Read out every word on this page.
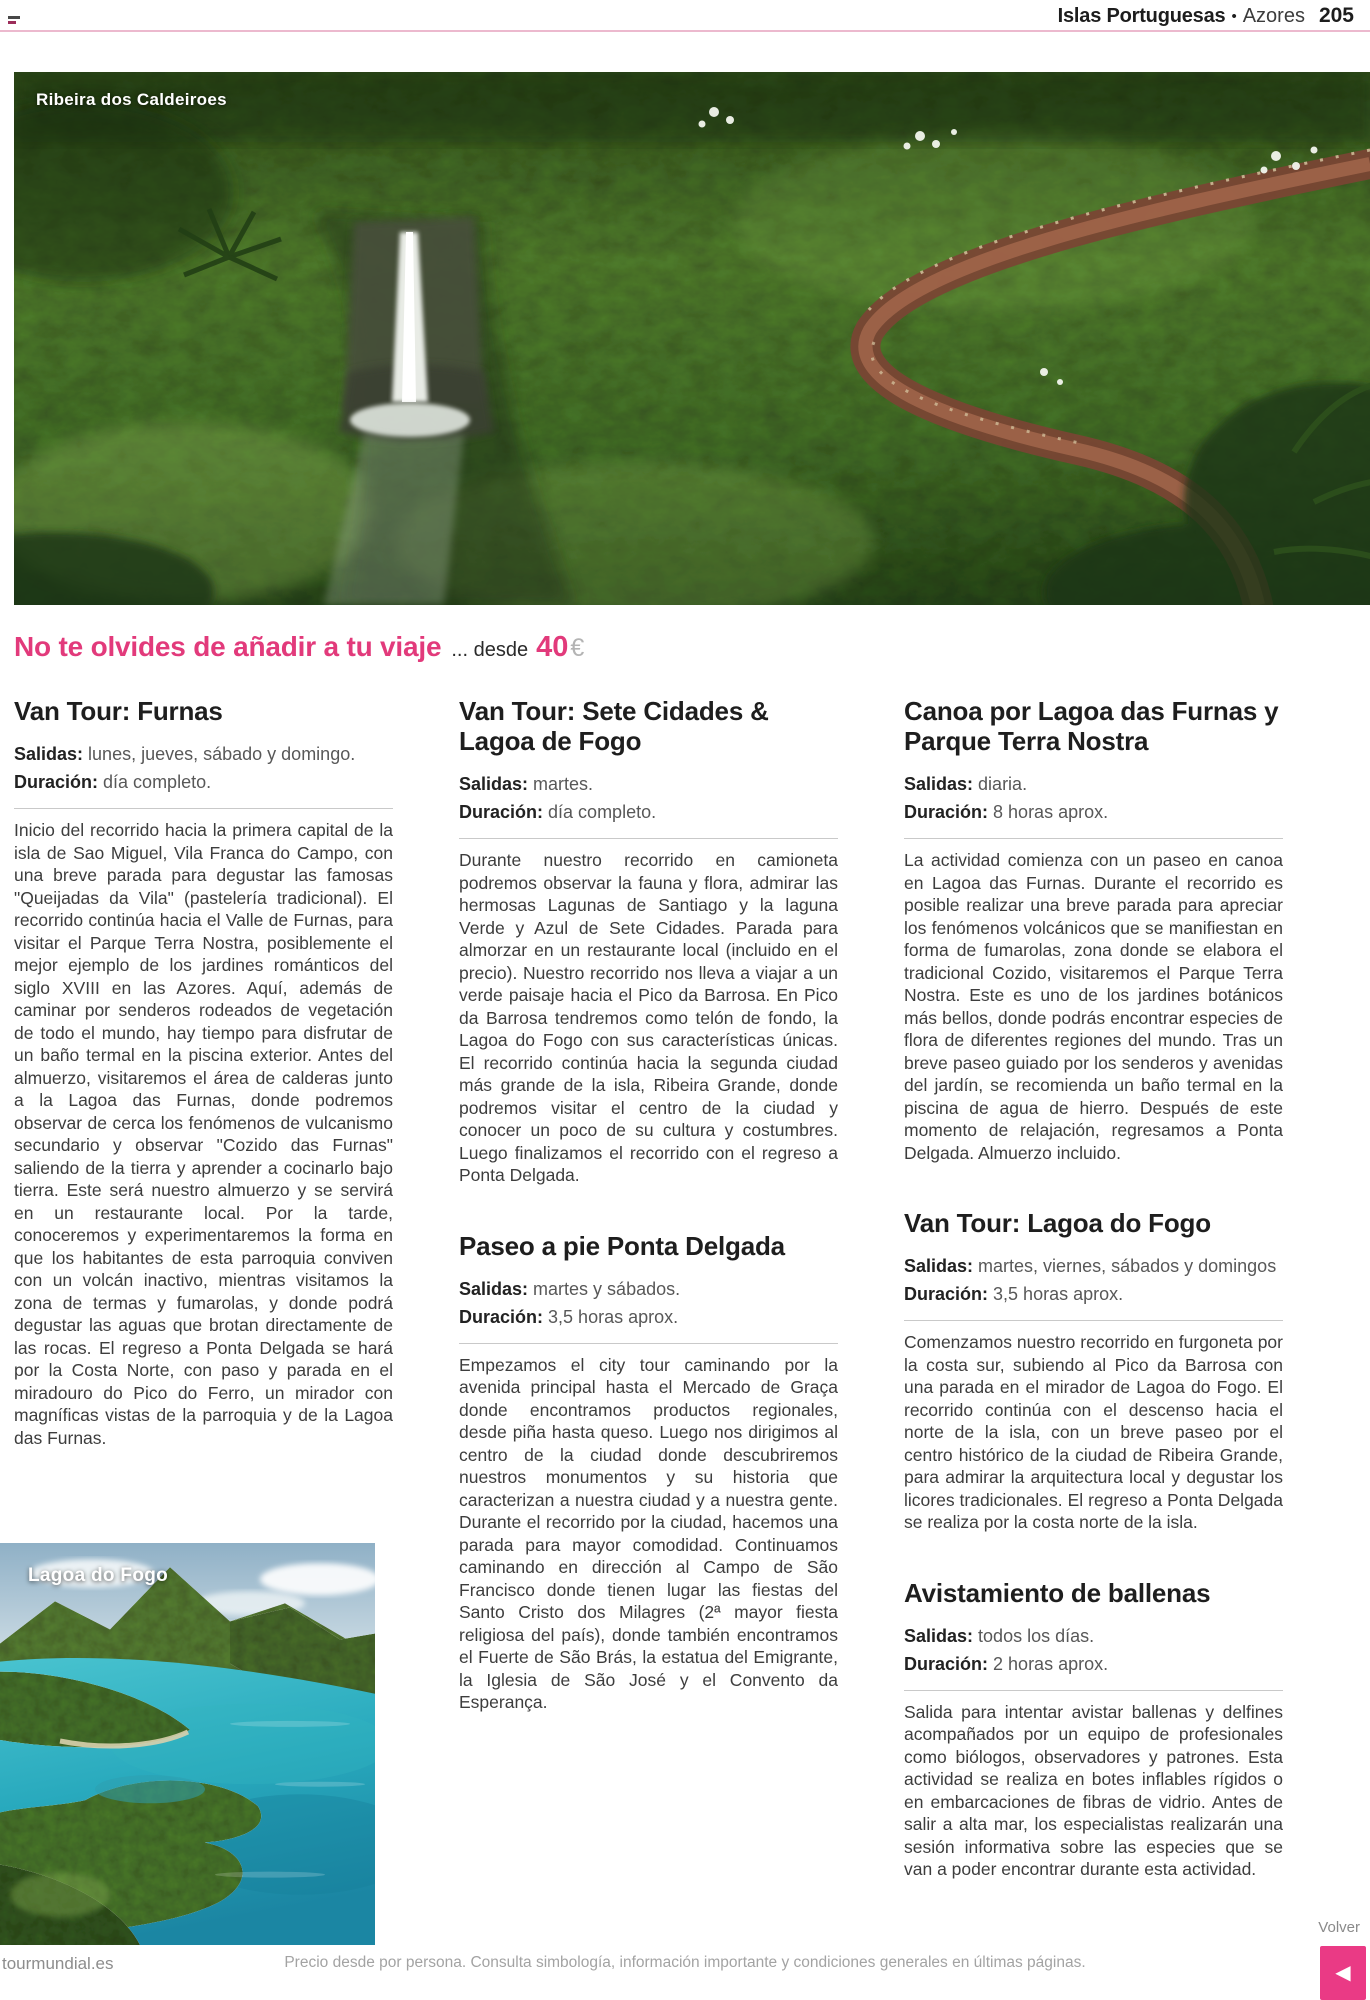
Islas Portuguesas • Azores 205
Ribeira dos Caldeiroes
No te olvides de añadir a tu viaje ... desde 40 €
Van Tour: Furnas

Salidas: lunes, jueves, sábado y domingo.

Duración: día completo.

Inicio del recorrido hacia la primera capital de la isla de Sao Miguel, Vila Franca do Campo, con una breve parada para degustar las famosas "Queijadas da Vila" (pastelería tradicional). El recorrido continúa hacia el Valle de Furnas, para visitar el Parque Terra Nostra, posiblemente el mejor ejemplo de los jardines románticos del siglo XVIII en las Azores. Aquí, además de caminar por senderos rodeados de vegetación de todo el mundo, hay tiempo para disfrutar de un baño termal en la piscina exterior. Antes del almuerzo, visitaremos el área de calderas junto a la Lagoa das Furnas, donde podremos observar de cerca los fenómenos de vulcanismo secundario y observar "Cozido das Furnas" saliendo de la tierra y aprender a cocinarlo bajo tierra. Este será nuestro almuerzo y se servirá en un restaurante local. Por la tarde, conoceremos y experimentaremos la forma en que los habitantes de esta parroquia conviven con un volcán inactivo, mientras visitamos la zona de termas y fumarolas, y donde podrá degustar las aguas que brotan directamente de las rocas. El regreso a Ponta Delgada se hará por la Costa Norte, con paso y parada en el miradouro do Pico do Ferro, un mirador con magníficas vistas de la parroquia y de la Lagoa das Furnas.

Van Tour: Sete Cidades & Lagoa de Fogo

Salidas: martes.

Duración: día completo.

Durante nuestro recorrido en camioneta podremos observar la fauna y flora, admirar las hermosas Lagunas de Santiago y la laguna Verde y Azul de Sete Cidades. Parada para almorzar en un restaurante local (incluido en el precio). Nuestro recorrido nos lleva a viajar a un verde paisaje hacia el Pico da Barrosa. En Pico da Barrosa tendremos como telón de fondo, la Lagoa do Fogo con sus características únicas. El recorrido continúa hacia la segunda ciudad más grande de la isla, Ribeira Grande, donde podremos visitar el centro de la ciudad y conocer un poco de su cultura y costumbres. Luego finalizamos el recorrido con el regreso a Ponta Delgada.

Paseo a pie Ponta Delgada

Salidas: martes y sábados.

Duración: 3,5 horas aprox.

Empezamos el city tour caminando por la avenida principal hasta el Mercado de Graça donde encontramos productos regionales, desde piña hasta queso. Luego nos dirigimos al centro de la ciudad donde descubriremos nuestros monumentos y su historia que caracterizan a nuestra ciudad y a nuestra gente. Durante el recorrido por la ciudad, hacemos una parada para mayor comodidad. Continuamos caminando en dirección al Campo de São Francisco donde tienen lugar las fiestas del Santo Cristo dos Milagres (2ª mayor fiesta religiosa del país), donde también encontramos el Fuerte de São Brás, la estatua del Emigrante, la Iglesia de São José y el Convento da Esperança.

Canoa por Lagoa das Furnas y Parque Terra Nostra

Salidas: diaria.

Duración: 8 horas aprox.

La actividad comienza con un paseo en canoa en Lagoa das Furnas. Durante el recorrido es posible realizar una breve parada para apreciar los fenómenos volcánicos que se manifiestan en forma de fumarolas, zona donde se elabora el tradicional Cozido, visitaremos el Parque Terra Nostra. Este es uno de los jardines botánicos más bellos, donde podrás encontrar especies de flora de diferentes regiones del mundo. Tras un breve paseo guiado por los senderos y avenidas del jardín, se recomienda un baño termal en la piscina de agua de hierro. Después de este momento de relajación, regresamos a Ponta Delgada. Almuerzo incluido.

Van Tour: Lagoa do Fogo

Salidas: martes, viernes, sábados y domingos

Duración: 3,5 horas aprox.

Comenzamos nuestro recorrido en furgoneta por la costa sur, subiendo al Pico da Barrosa con una parada en el mirador de Lagoa do Fogo. El recorrido continúa con el descenso hacia el norte de la isla, con un breve paseo por el centro histórico de la ciudad de Ribeira Grande, para admirar la arquitectura local y degustar los licores tradicionales. El regreso a Ponta Delgada se realiza por la costa norte de la isla.

Avistamiento de ballenas

Salidas: todos los días.

Duración: 2 horas aprox.

Salida para intentar avistar ballenas y delfines acompañados por un equipo de profesionales como biólogos, observadores y patrones. Esta actividad se realiza en botes inflables rígidos o en embarcaciones de fibras de vidrio. Antes de salir a alta mar, los especialistas realizarán una sesión informativa sobre las especies que se van a poder encontrar durante esta actividad.

Lagoa do Fogo
tourmundial.es	Precio desde por persona. Consulta simbología, información importante y condiciones generales en últimas páginas.
Volver
◀
